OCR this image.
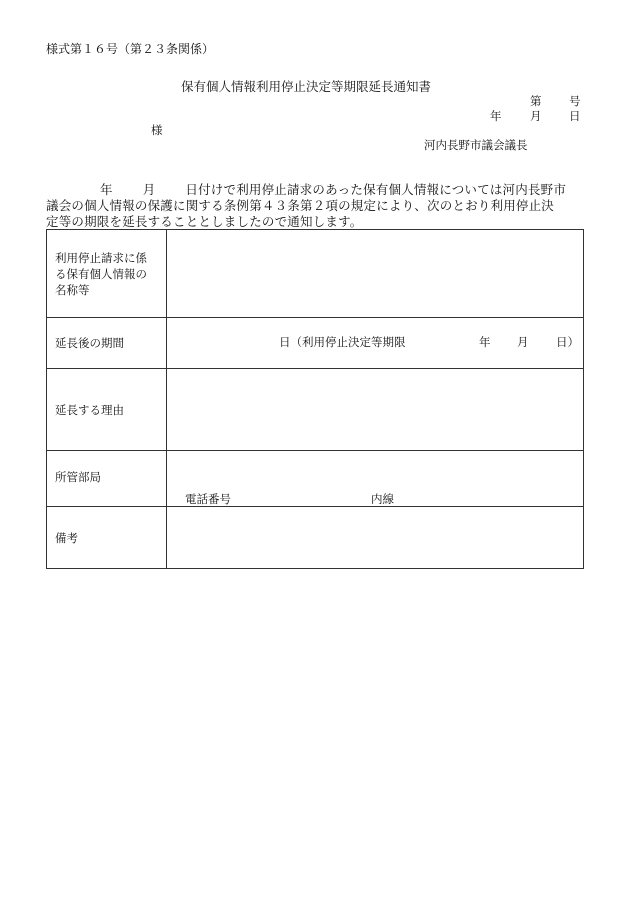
様式第１６号（第２３条関係）
保有個人情報利用停止決定等期限延長通知書
第 号
年 月 日
様
河内長野市議会議長
年 月 日付けで利用停止請求のあった保有個人情報については河内長野市
議会の個人情報の保護に関する条例第４３条第２項の規定により、次のとおり利用停止決
定等の期限を延長することとしましたので通知します。
利用停止請求に係
る保有個人情報の
名称等	

延長後の期間	日（利用停止決定等期限 年 月 日）

延長する理由	
所管部局	電話番号 内線

備考	
